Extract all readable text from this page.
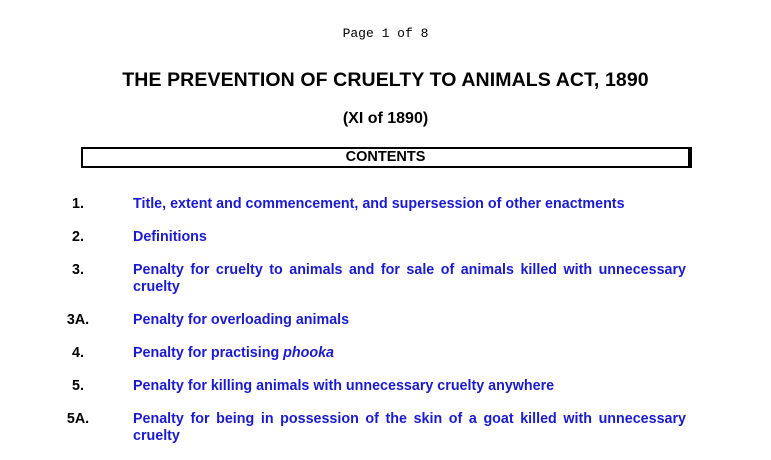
Page 1 of 8
THE PREVENTION OF CRUELTY TO ANIMALS ACT, 1890
(XI of 1890)
CONTENTS
1.	Title, extent and commencement, and supersession of other enactments
2.	Definitions
3.	Penalty for cruelty to animals and for sale of animals killed with unnecessary cruelty
3A.	Penalty for overloading animals
4.	Penalty for practising phooka
5.	Penalty for killing animals with unnecessary cruelty anywhere
5A.	Penalty for being in possession of the skin of a goat killed with unnecessary cruelty
